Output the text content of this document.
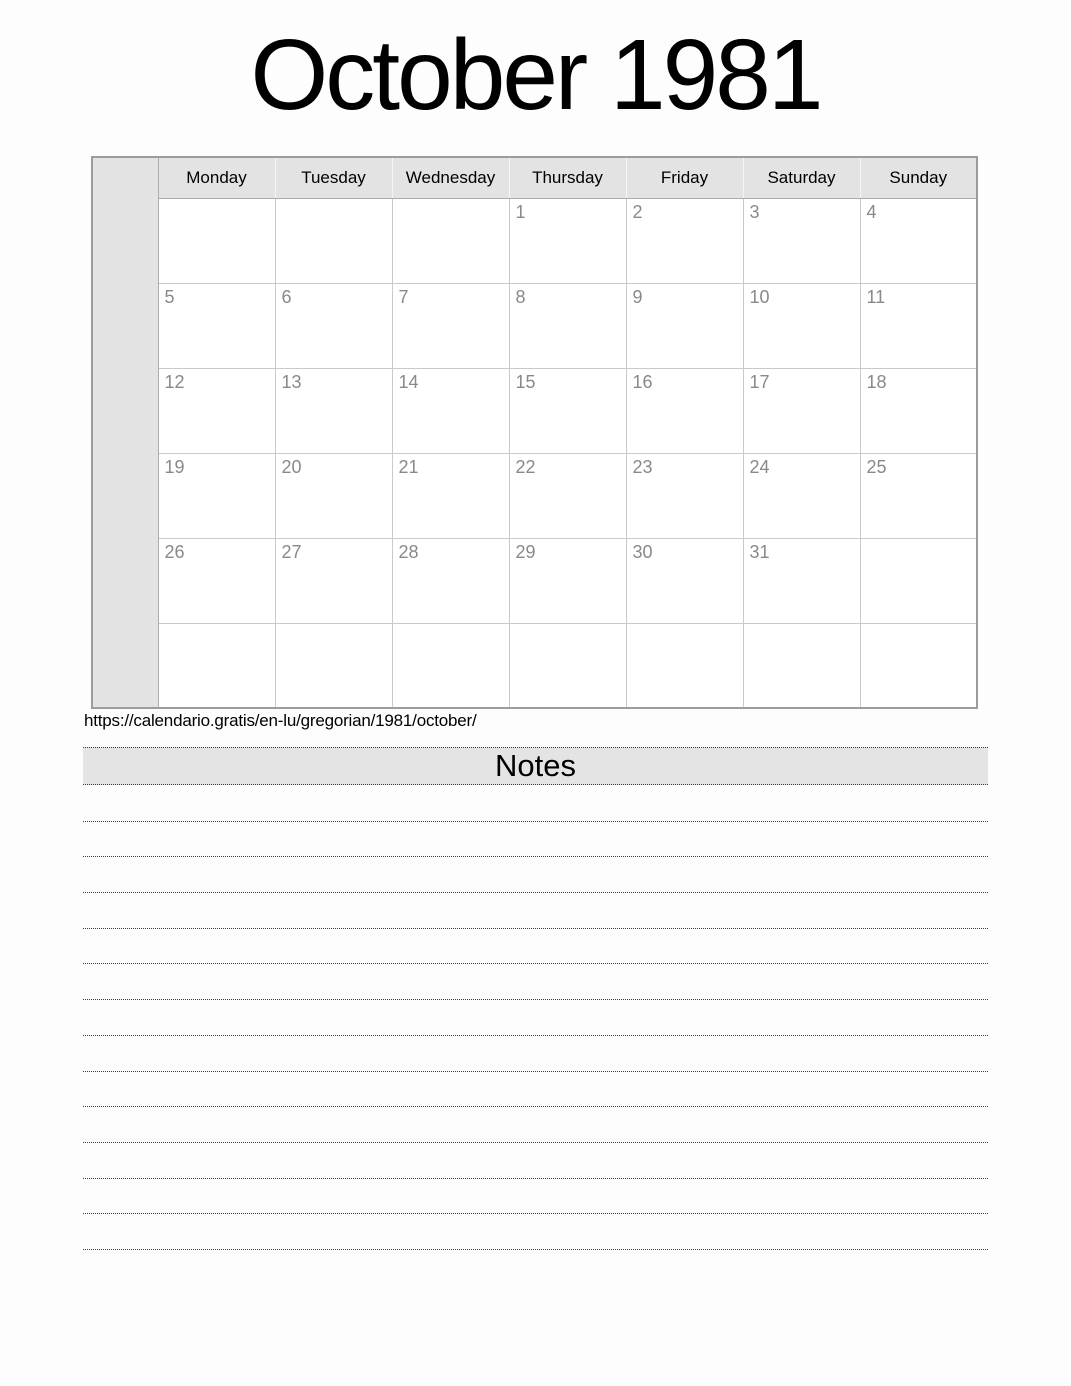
October 1981
	Monday	Tuesday	Wednesday	Thursday	Friday	Saturday	Sunday
				1	2	3	4
	5	6	7	8	9	10	11
	12	13	14	15	16	17	18
	19	20	21	22	23	24	25
	26	27	28	29	30	31	

https://calendario.gratis/en-lu/gregorian/1981/october/
Notes
